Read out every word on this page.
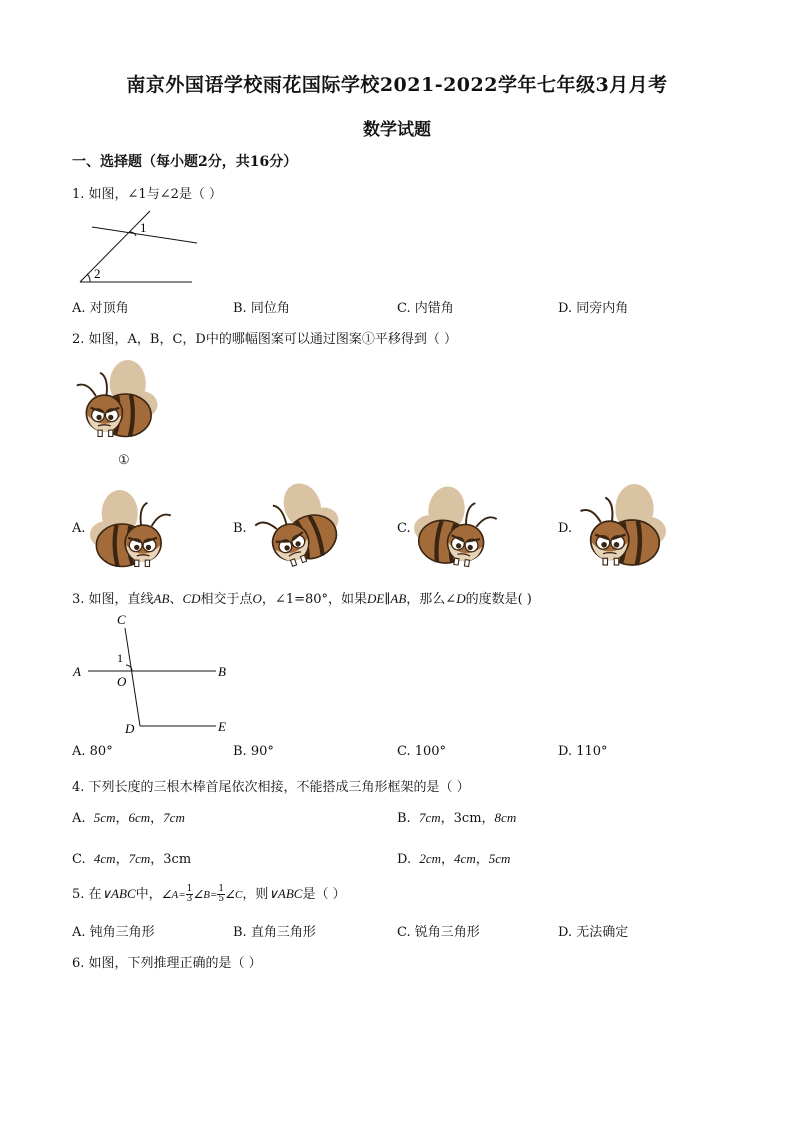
南京外国语学校雨花国际学校2021-2022学年七年级3月月考
数学试题
一、选择题（每小题2分，共16分）
1. 如图，∠1与∠2是（ ）
1
2
A. 对顶角	B. 同位角	C. 内错角	D. 同旁内角
2. 如图，A，B，C，D中的哪幅图案可以通过图案①平移得到（ ）
①
A.	B.	C.	D.
3. 如图，直线AB、CD相交于点O，∠1=80°，如果DE∥AB，那么∠D的度数是( )
C
A	B
O
1
D	E
A. 80°	B. 90°	C. 100°	D. 110°
4. 下列长度的三根木棒首尾依次相接，不能搭成三角形框架的是（ ）
A. 5cm，6cm，7cm	B. 7cm，3cm，8cm
C. 4cm，7cm，3cm	D. 2cm，4cm，5cm
5. 在∨ABC中，∠A= $\frac{1}{3}$ ∠B= $\frac{1}{5}$ ∠C，则∨ABC是（ ）
A. 钝角三角形	B. 直角三角形	C. 锐角三角形	D. 无法确定
6. 如图，下列推理正确的是（ ）
